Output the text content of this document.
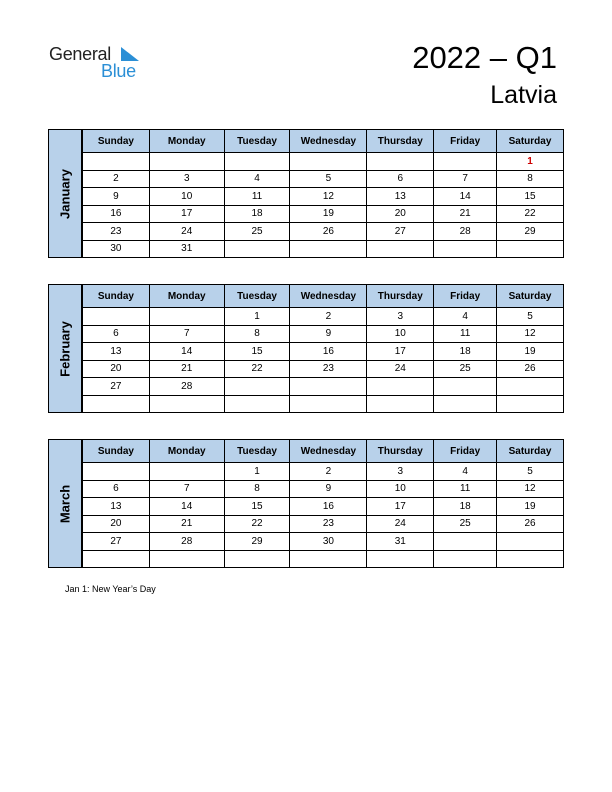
General
Blue	2022 – Q1
Latvia
January
Sunday	Monday	Tuesday	Wednesday	Thursday	Friday	Saturday
						1
2	3	4	5	6	7	8
9	10	11	12	13	14	15
16	17	18	19	20	21	22
23	24	25	26	27	28	29
30	31					
February
Sunday	Monday	Tuesday	Wednesday	Thursday	Friday	Saturday
		1	2	3	4	5
6	7	8	9	10	11	12
13	14	15	16	17	18	19
20	21	22	23	24	25	26
27	28					

March
Sunday	Monday	Tuesday	Wednesday	Thursday	Friday	Saturday
		1	2	3	4	5
6	7	8	9	10	11	12
13	14	15	16	17	18	19
20	21	22	23	24	25	26
27	28	29	30	31		

Jan 1: New Year’s Day
